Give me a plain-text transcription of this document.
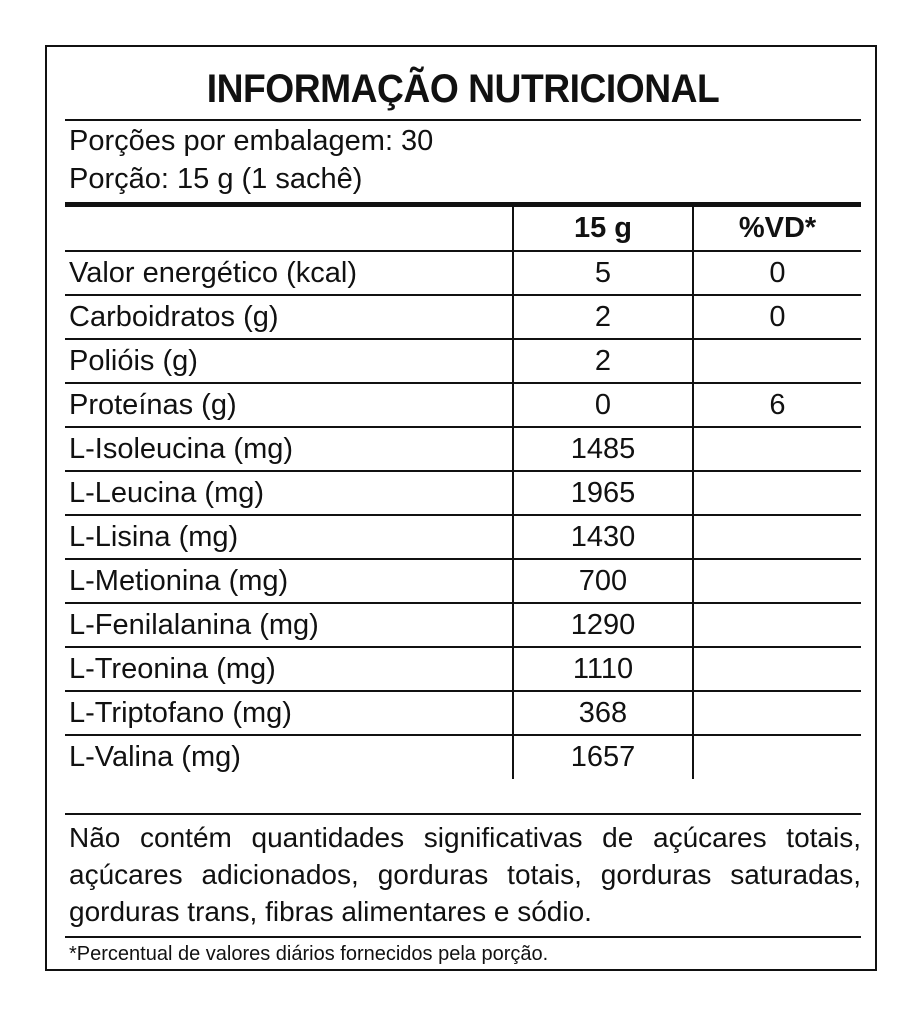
INFORMAÇÃO NUTRICIONAL
Porções por embalagem: 30
Porção: 15 g (1 sachê)
	15 g	%VD*
Valor energético (kcal)	5	0
Carboidratos (g)	2	0
Polióis (g)	2	
Proteínas (g)	0	6
L-Isoleucina (mg)	1485	
L-Leucina (mg)	1965	
L-Lisina (mg)	1430	
L-Metionina (mg)	700	
L-Fenilalanina (mg)	1290	
L-Treonina (mg)	1110	
L-Triptofano (mg)	368	
L-Valina (mg)	1657	
Não contém quantidades significativas de açúcares totais, açúcares adicionados, gorduras totais, gorduras saturadas, gorduras trans, fibras alimentares e sódio.
*Percentual de valores diários fornecidos pela porção.
